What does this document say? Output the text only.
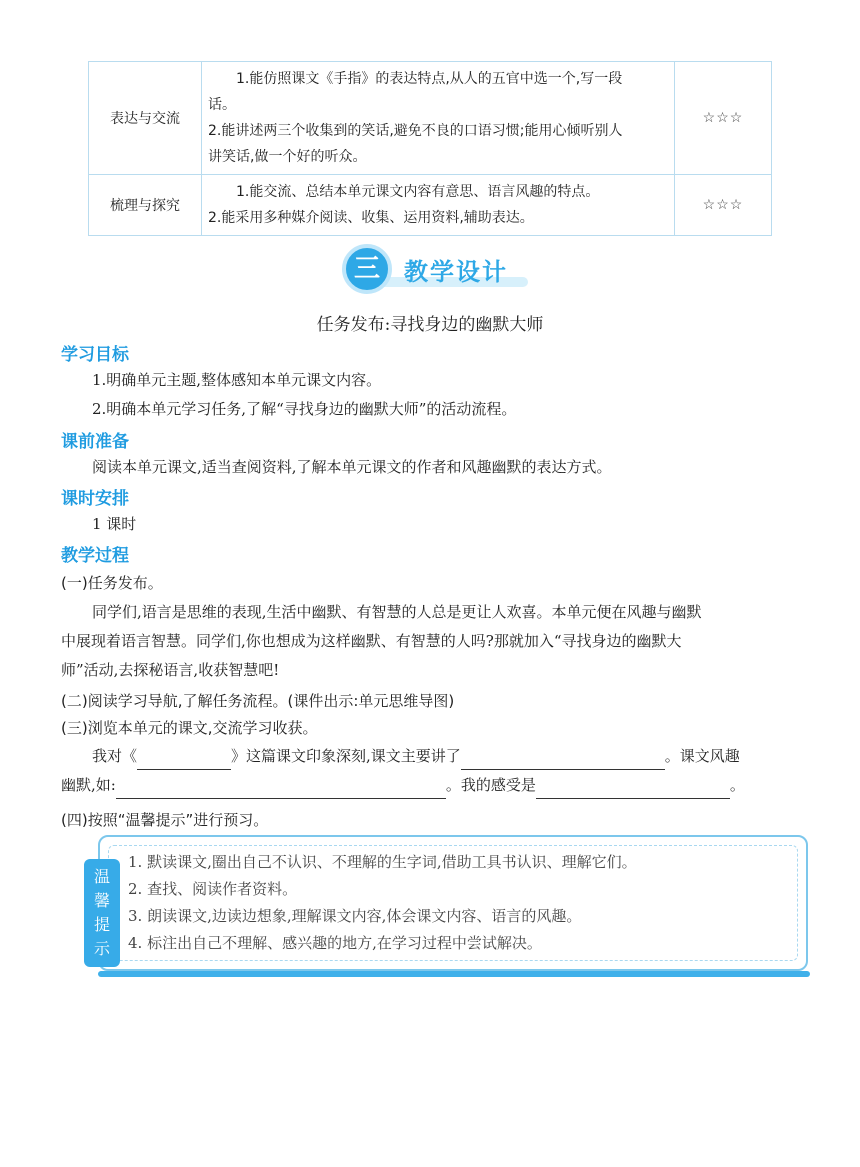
表达与交流	1.能仿照课文《手指》的表达特点,从人的五官中选一个,写一段
话。
2.能讲述两三个收集到的笑话,避免不良的口语习惯;能用心倾听别人
讲笑话,做一个好的听众。	☆☆☆
梳理与探究	1.能交流、总结本单元课文内容有意思、语言风趣的特点。
2.能采用多种媒介阅读、收集、运用资料,辅助表达。	☆☆☆
三	教学设计
任务发布:寻找身边的幽默大师
学习目标
1.明确单元主题,整体感知本单元课文内容。
2.明确本单元学习任务,了解“寻找身边的幽默大师”的活动流程。
课前准备
阅读本单元课文,适当查阅资料,了解本单元课文的作者和风趣幽默的表达方式。
课时安排
1 课时
教学过程
(一)任务发布。
同学们,语言是思维的表现,生活中幽默、有智慧的人总是更让人欢喜。本单元便在风趣与幽默
中展现着语言智慧。同学们,你也想成为这样幽默、有智慧的人吗?那就加入“寻找身边的幽默大
师”活动,去探秘语言,收获智慧吧!
(二)阅读学习导航,了解任务流程。(课件出示:单元思维导图)
(三)浏览本单元的课文,交流学习收获。
我对《	》这篇课文印象深刻,课文主要讲了	。课文风趣
幽默,如:	。我的感受是	。
(四)按照“温馨提示”进行预习。
温
馨
提
示
1. 默读课文,圈出自己不认识、不理解的生字词,借助工具书认识、理解它们。
2. 查找、阅读作者资料。
3. 朗读课文,边读边想象,理解课文内容,体会课文内容、语言的风趣。
4. 标注出自己不理解、感兴趣的地方,在学习过程中尝试解决。
